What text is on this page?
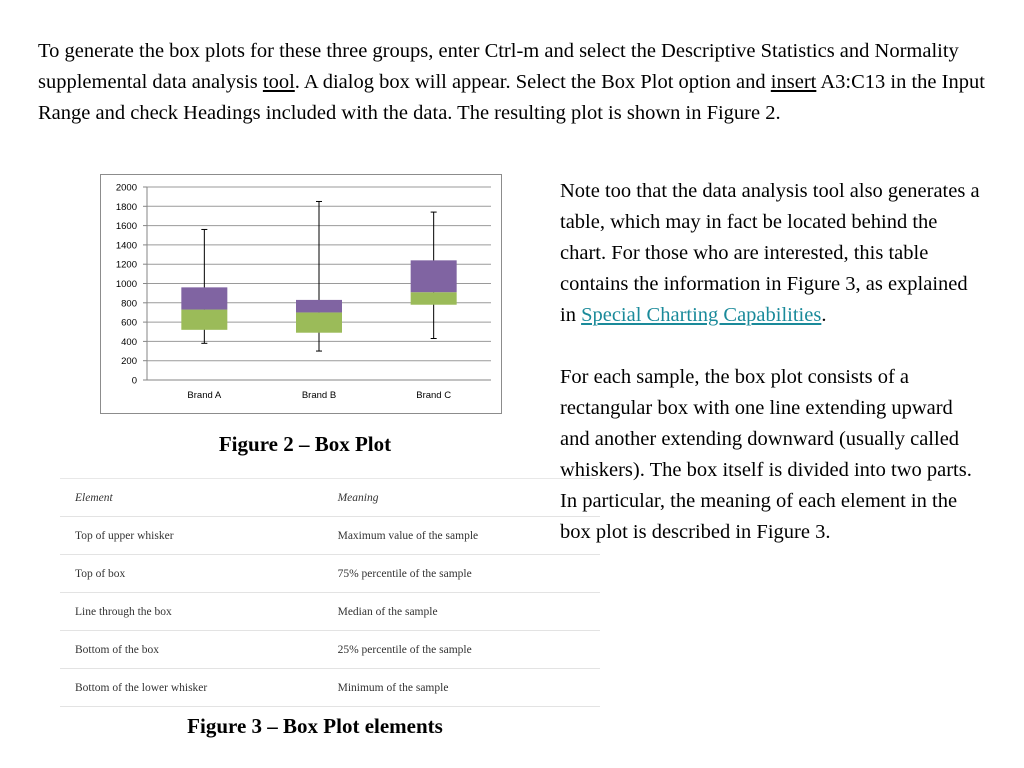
To generate the box plots for these three groups, enter Ctrl-m and select the Descriptive Statistics and Normality supplemental data analysis tool. A dialog box will appear. Select the Box Plot option and insert A3:C13 in the Input Range and check Headings included with the data. The resulting plot is shown in Figure 2.

0
200
400
600
800
1000
1200
1400
1600
1800
2000
Brand A	Brand B	Brand C

Figure 2 – Box Plot

Note too that the data analysis tool also generates a table, which may in fact be located behind the chart. For those who are interested, this table contains the information in Figure 3, as explained in Special Charting Capabilities.

For each sample, the box plot consists of a rectangular box with one line extending upward and another extending downward (usually called whiskers). The box itself is divided into two parts. In particular, the meaning of each element in the box plot is described in Figure 3.

Element	Meaning
Top of upper whisker	Maximum value of the sample
Top of box	75% percentile of the sample
Line through the box	Median of the sample
Bottom of the box	25% percentile of the sample
Bottom of the lower whisker	Minimum of the sample

Figure 3 – Box Plot elements
